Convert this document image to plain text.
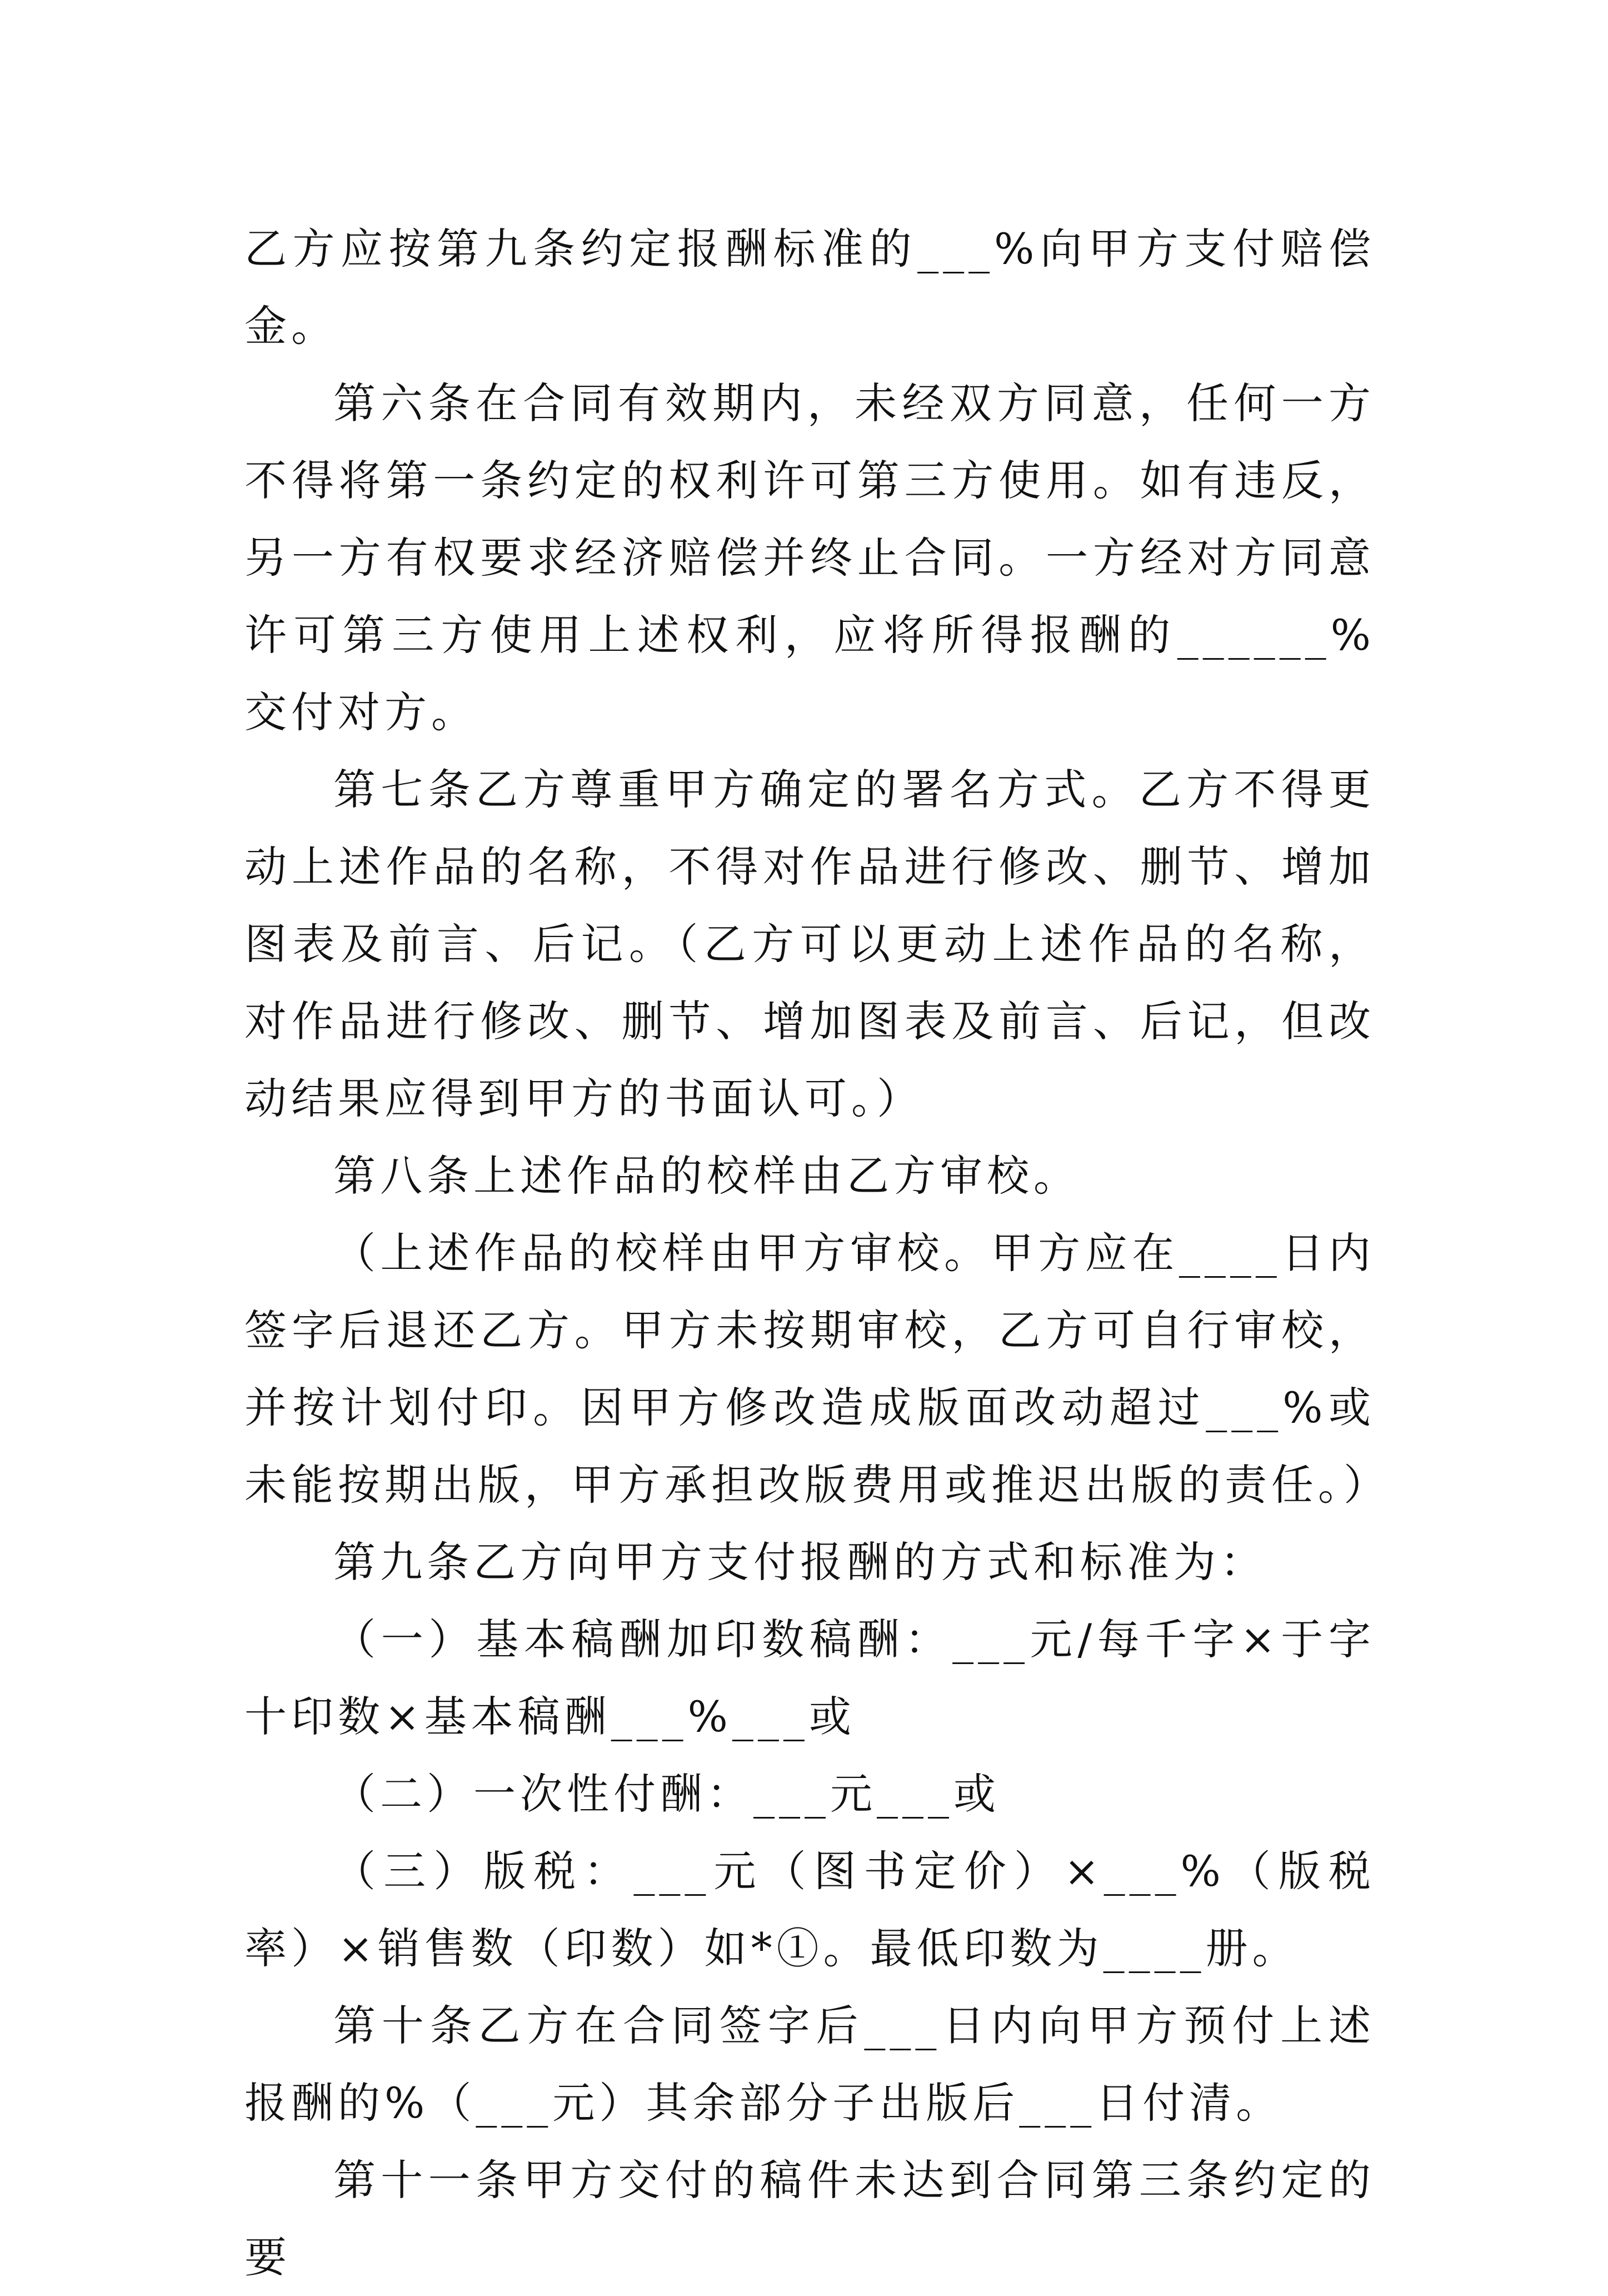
乙方应按第九条约定报酬标准的___%向甲方支付赔偿金。

第六条在合同有效期内，未经双方同意，任何一方不得将第一条约定的权利许可第三方使用。如有违反，另一方有权要求经济赔偿并终止合同。一方经对方同意许可第三方使用上述权利，应将所得报酬的______%交付对方。

第七条乙方尊重甲方确定的署名方式。乙方不得更动上述作品的名称，不得对作品进行修改、删节、增加图表及前言、后记。（乙方可以更动上述作品的名称，对作品进行修改、删节、增加图表及前言、后记，但改动结果应得到甲方的书面认可。）

第八条上述作品的校样由乙方审校。

（上述作品的校样由甲方审校。甲方应在____日内签字后退还乙方。甲方未按期审校，乙方可自行审校，并按计划付印。因甲方修改造成版面改动超过___%或未能按期出版，甲方承担改版费用或推迟出版的责任。）

第九条乙方向甲方支付报酬的方式和标准为：

（一）基本稿酬加印数稿酬：___元/每千字×于字十印数×基本稿酬___%___或

（二）一次性付酬：___元___或

（三）版税：___元（图书定价）×___%（版税率）×销售数（印数）如*①。最低印数为____册。

第十条乙方在合同签字后___日内向甲方预付上述报酬的%（___元）其余部分子出版后___日付清。

第十一条甲方交付的稿件未达到合同第三条约定的要
